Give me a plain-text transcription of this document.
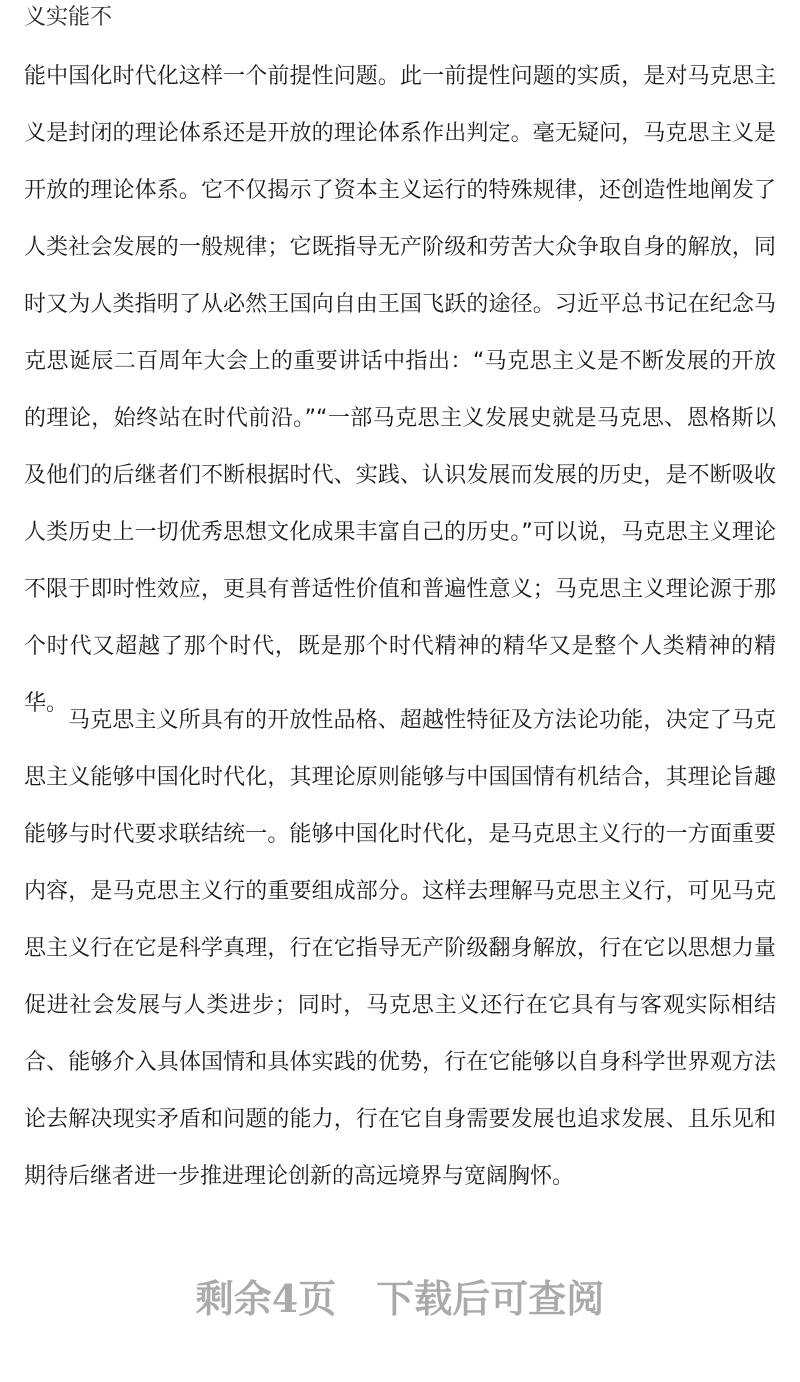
义实能不

能中国化时代化这样一个前提性问题。此一前提性问题的实质，是对马克思主义是封闭的理论体系还是开放的理论体系作出判定。毫无疑问，马克思主义是开放的理论体系。它不仅揭示了资本主义运行的特殊规律，还创造性地阐发了人类社会发展的一般规律；它既指导无产阶级和劳苦大众争取自身的解放，同时又为人类指明了从必然王国向自由王国飞跃的途径。习近平总书记在纪念马克思诞辰二百周年大会上的重要讲话中指出：“马克思主义是不断发展的开放的理论，始终站在时代前沿。”“一部马克思主义发展史就是马克思、恩格斯以及他们的后继者们不断根据时代、实践、认识发展而发展的历史，是不断吸收人类历史上一切优秀思想文化成果丰富自己的历史。”可以说，马克思主义理论不限于即时性效应，更具有普适性价值和普遍性意义；马克思主义理论源于那个时代又超越了那个时代，既是那个时代精神的精华又是整个人类精神的精华。

马克思主义所具有的开放性品格、超越性特征及方法论功能，决定了马克思主义能够中国化时代化，其理论原则能够与中国国情有机结合，其理论旨趣能够与时代要求联结统一。能够中国化时代化，是马克思主义行的一方面重要内容，是马克思主义行的重要组成部分。这样去理解马克思主义行，可见马克思主义行在它是科学真理，行在它指导无产阶级翻身解放，行在它以思想力量促进社会发展与人类进步；同时，马克思主义还行在它具有与客观实际相结合、能够介入具体国情和具体实践的优势，行在它能够以自身科学世界观方法论去解决现实矛盾和问题的能力，行在它自身需要发展也追求发展、且乐见和期待后继者进一步推进理论创新的高远境界与宽阔胸怀。

剩余4页 下载后可查阅
